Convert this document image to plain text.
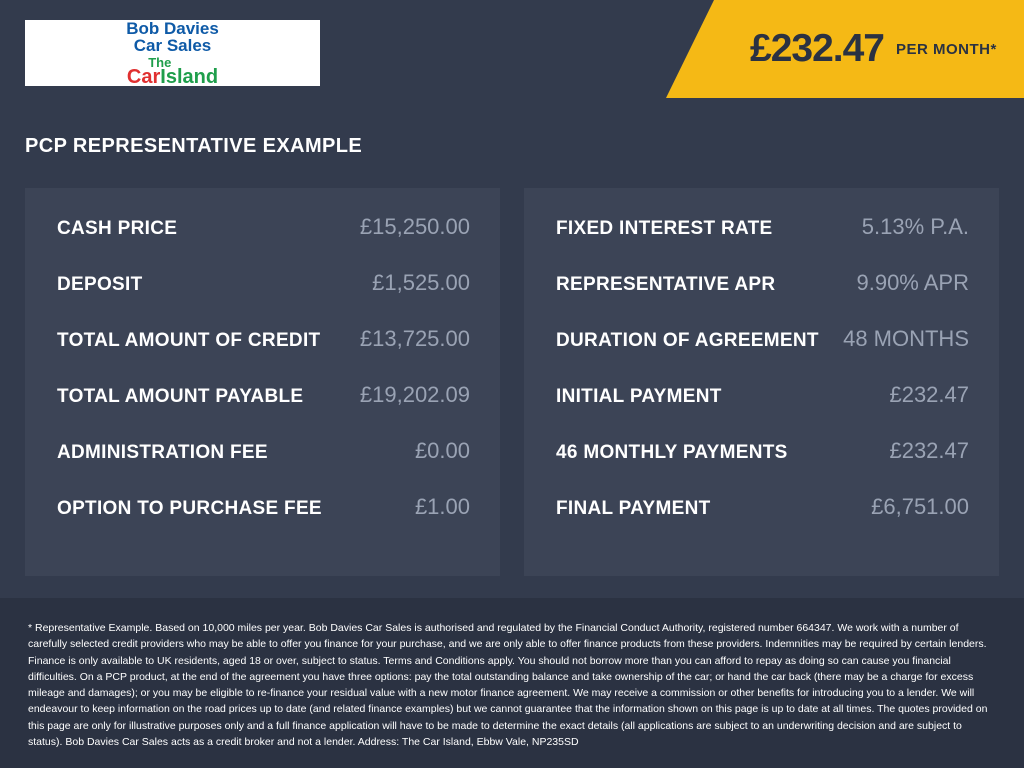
Bob Davies
Car Sales
The
CarIsland
£232.47 PER MONTH*
PCP REPRESENTATIVE EXAMPLE
CASH PRICE	£15,250.00
DEPOSIT	£1,525.00
TOTAL AMOUNT OF CREDIT £13,725.00
TOTAL AMOUNT PAYABLE	£19,202.09
ADMINISTRATION FEE	£0.00
OPTION TO PURCHASE FEE	£1.00
FIXED INTEREST RATE	5.13% P.A.
REPRESENTATIVE APR	9.90% APR
DURATION OF AGREEMENT 48 MONTHS
INITIAL PAYMENT	£232.47
46 MONTHLY PAYMENTS	£232.47
FINAL PAYMENT	£6,751.00

* Representative Example. Based on 10,000 miles per year. Bob Davies Car Sales is authorised and regulated by the Financial Conduct Authority, registered number 664347. We work with a number of carefully selected credit providers who may be able to offer you finance for your purchase, and we are only able to offer finance products from these providers. Indemnities may be required by certain lenders. Finance is only available to UK residents, aged 18 or over, subject to status. Terms and Conditions apply. You should not borrow more than you can afford to repay as doing so can cause you financial difficulties. On a PCP product, at the end of the agreement you have three options: pay the total outstanding balance and take ownership of the car; or hand the car back (there may be a charge for excess mileage and damages); or you may be eligible to re-finance your residual value with a new motor finance agreement. We may receive a commission or other benefits for introducing you to a lender. We will endeavour to keep information on the road prices up to date (and related finance examples) but we cannot guarantee that the information shown on this page is up to date at all times. The quotes provided on this page are only for illustrative purposes only and a full finance application will have to be made to determine the exact details (all applications are subject to an underwriting decision and are subject to status). Bob Davies Car Sales acts as a credit broker and not a lender. Address: The Car Island, Ebbw Vale, NP235SD
